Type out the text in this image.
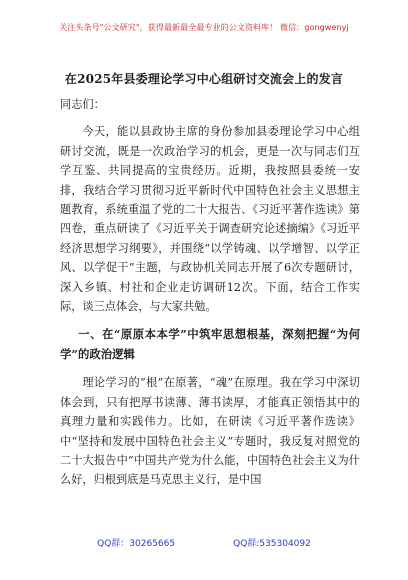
关注头条号"公文研究"，获得最新最全最专业的公文资料库！ 微信：gongwenyj
在2025年县委理论学习中心组研讨交流会上的发言

同志们：

今天，能以县政协主席的身份参加县委理论学习中心组研讨交流，既是一次政治学习的机会，更是一次与同志们互学互鉴、共同提高的宝贵经历。近期，我按照县委统一安排，我结合学习贯彻习近平新时代中国特色社会主义思想主题教育，系统重温了党的二十大报告、《习近平著作选读》第四卷，重点研读了《习近平关于调查研究论述摘编》《习近平经济思想学习纲要》，并围绕“以学铸魂、以学增智、以学正风、以学促干”主题，与政协机关同志开展了6次专题研讨，深入乡镇、村社和企业走访调研12次。下面，结合工作实际，谈三点体会，与大家共勉。

一、在“原原本本学”中筑牢思想根基，深刻把握“为何学”的政治逻辑

理论学习的“根”在原著，“魂”在原理。我在学习中深切体会到，只有把厚书读薄、薄书读厚，才能真正领悟其中的真理力量和实践伟力。比如，在研读《习近平著作选读》中“坚持和发展中国特色社会主义”专题时，我反复对照党的二十大报告中“中国共产党为什么能，中国特色社会主义为什么好，归根到底是马克思主义行，是中国

QQ群：30265665	QQ群:535304092
